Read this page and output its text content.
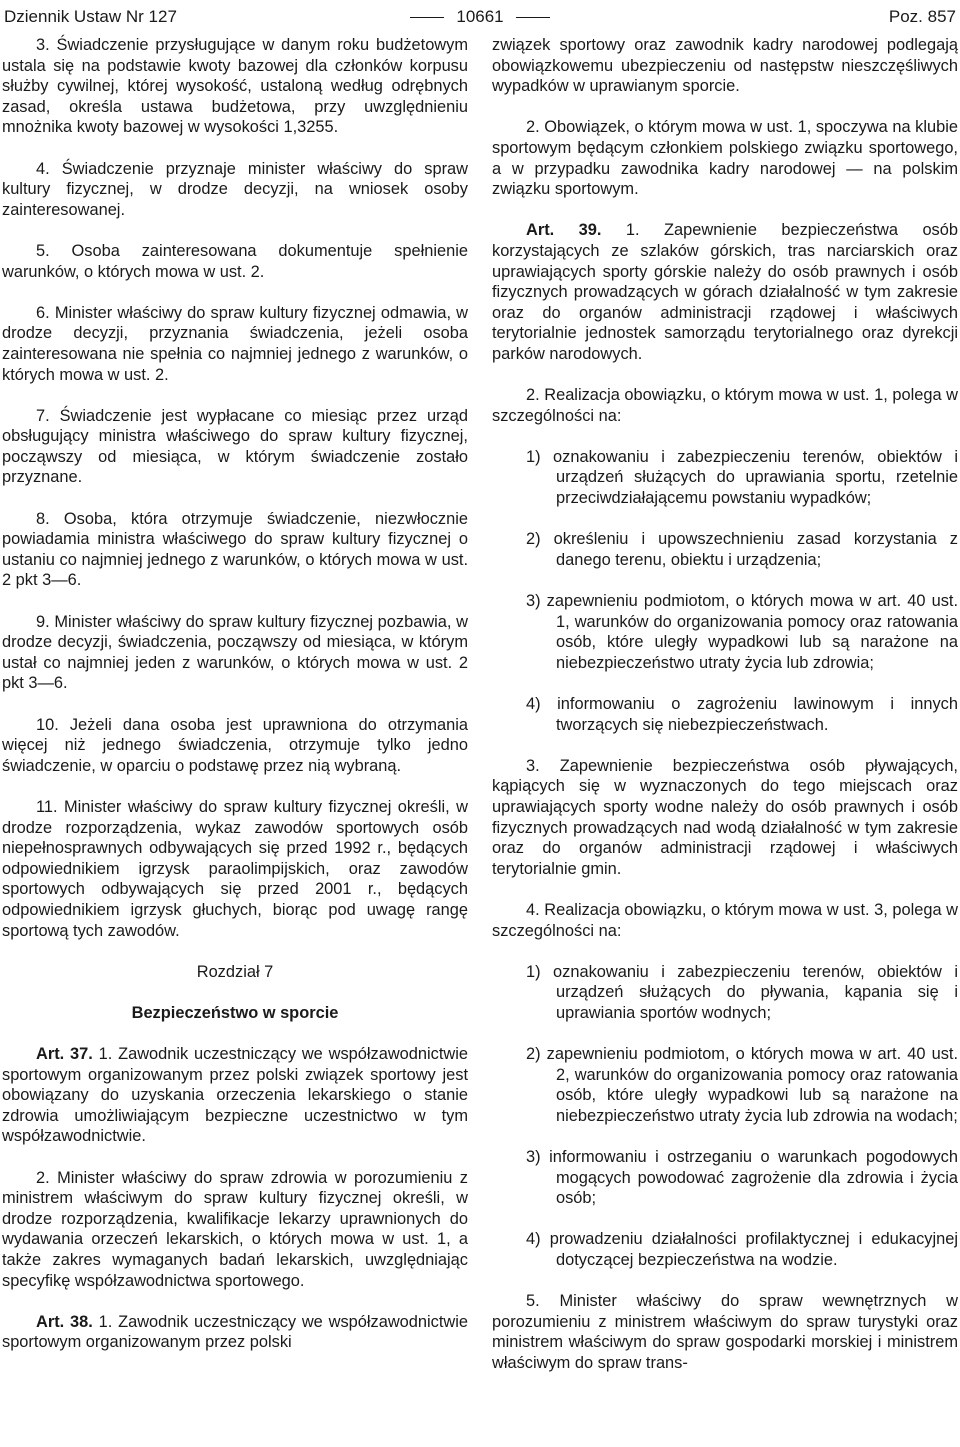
Dziennik Ustaw Nr 127	10661	Poz. 857

3. Świadczenie przysługujące w danym roku budżetowym ustala się na podstawie kwoty bazowej dla członków korpusu służby cywilnej, której wysokość, ustaloną według odrębnych zasad, określa ustawa budżetowa, przy uwzględnieniu mnożnika kwoty bazowej w wysokości 1,3255.

4. Świadczenie przyznaje minister właściwy do spraw kultury fizycznej, w drodze decyzji, na wniosek osoby zainteresowanej.

5. Osoba zainteresowana dokumentuje spełnienie warunków, o których mowa w ust. 2.

6. Minister właściwy do spraw kultury fizycznej odmawia, w drodze decyzji, przyznania świadczenia, jeżeli osoba zainteresowana nie spełnia co najmniej jednego z warunków, o których mowa w ust. 2.

7. Świadczenie jest wypłacane co miesiąc przez urząd obsługujący ministra właściwego do spraw kultury fizycznej, począwszy od miesiąca, w którym świadczenie zostało przyznane.

8. Osoba, która otrzymuje świadczenie, niezwłocznie powiadamia ministra właściwego do spraw kultury fizycznej o ustaniu co najmniej jednego z warunków, o których mowa w ust. 2 pkt 3—6.

9. Minister właściwy do spraw kultury fizycznej pozbawia, w drodze decyzji, świadczenia, począwszy od miesiąca, w którym ustał co najmniej jeden z warunków, o których mowa w ust. 2 pkt 3—6.

10. Jeżeli dana osoba jest uprawniona do otrzymania więcej niż jednego świadczenia, otrzymuje tylko jedno świadczenie, w oparciu o podstawę przez nią wybraną.

11. Minister właściwy do spraw kultury fizycznej określi, w drodze rozporządzenia, wykaz zawodów sportowych osób niepełnosprawnych odbywających się przed 1992 r., będących odpowiednikiem igrzysk paraolimpijskich, oraz zawodów sportowych odbywających się przed 2001 r., będących odpowiednikiem igrzysk głuchych, biorąc pod uwagę rangę sportową tych zawodów.

Rozdział 7
Bezpieczeństwo w sporcie

Art. 37. 1. Zawodnik uczestniczący we współzawodnictwie sportowym organizowanym przez polski związek sportowy jest obowiązany do uzyskania orzeczenia lekarskiego o stanie zdrowia umożliwiającym bezpieczne uczestnictwo w tym współzawodnictwie.

2. Minister właściwy do spraw zdrowia w porozumieniu z ministrem właściwym do spraw kultury fizycznej określi, w drodze rozporządzenia, kwalifikacje lekarzy uprawnionych do wydawania orzeczeń lekarskich, o których mowa w ust. 1, a także zakres wymaganych badań lekarskich, uwzględniając specyfikę współzawodnictwa sportowego.

Art. 38. 1. Zawodnik uczestniczący we współzawodnictwie sportowym organizowanym przez polski

związek sportowy oraz zawodnik kadry narodowej podlegają obowiązkowemu ubezpieczeniu od następstw nieszczęśliwych wypadków w uprawianym sporcie.

2. Obowiązek, o którym mowa w ust. 1, spoczywa na klubie sportowym będącym członkiem polskiego związku sportowego, a w przypadku zawodnika kadry narodowej — na polskim związku sportowym.

Art. 39. 1. Zapewnienie bezpieczeństwa osób korzystających ze szlaków górskich, tras narciarskich oraz uprawiających sporty górskie należy do osób prawnych i osób fizycznych prowadzących w górach działalność w tym zakresie oraz do organów administracji rządowej i właściwych terytorialnie jednostek samorządu terytorialnego oraz dyrekcji parków narodowych.

2. Realizacja obowiązku, o którym mowa w ust. 1, polega w szczególności na:

1) oznakowaniu i zabezpieczeniu terenów, obiektów i urządzeń służących do uprawiania sportu, rzetelnie przeciwdziałającemu powstaniu wypadków;
2) określeniu i upowszechnieniu zasad korzystania z danego terenu, obiektu i urządzenia;
3) zapewnieniu podmiotom, o których mowa w art. 40 ust. 1, warunków do organizowania pomocy oraz ratowania osób, które uległy wypadkowi lub są narażone na niebezpieczeństwo utraty życia lub zdrowia;
4) informowaniu o zagrożeniu lawinowym i innych tworzących się niebezpieczeństwach.

3. Zapewnienie bezpieczeństwa osób pływających, kąpiących się w wyznaczonych do tego miejscach oraz uprawiających sporty wodne należy do osób prawnych i osób fizycznych prowadzących nad wodą działalność w tym zakresie oraz do organów administracji rządowej i właściwych terytorialnie gmin.

4. Realizacja obowiązku, o którym mowa w ust. 3, polega w szczególności na:

1) oznakowaniu i zabezpieczeniu terenów, obiektów i urządzeń służących do pływania, kąpania się i uprawiania sportów wodnych;
2) zapewnieniu podmiotom, o których mowa w art. 40 ust. 2, warunków do organizowania pomocy oraz ratowania osób, które uległy wypadkowi lub są narażone na niebezpieczeństwo utraty życia lub zdrowia na wodach;
3) informowaniu i ostrzeganiu o warunkach pogodowych mogących powodować zagrożenie dla zdrowia i życia osób;
4) prowadzeniu działalności profilaktycznej i edukacyjnej dotyczącej bezpieczeństwa na wodzie.

5. Minister właściwy do spraw wewnętrznych w porozumieniu z ministrem właściwym do spraw turystyki oraz ministrem właściwym do spraw gospodarki morskiej i ministrem właściwym do spraw trans-
